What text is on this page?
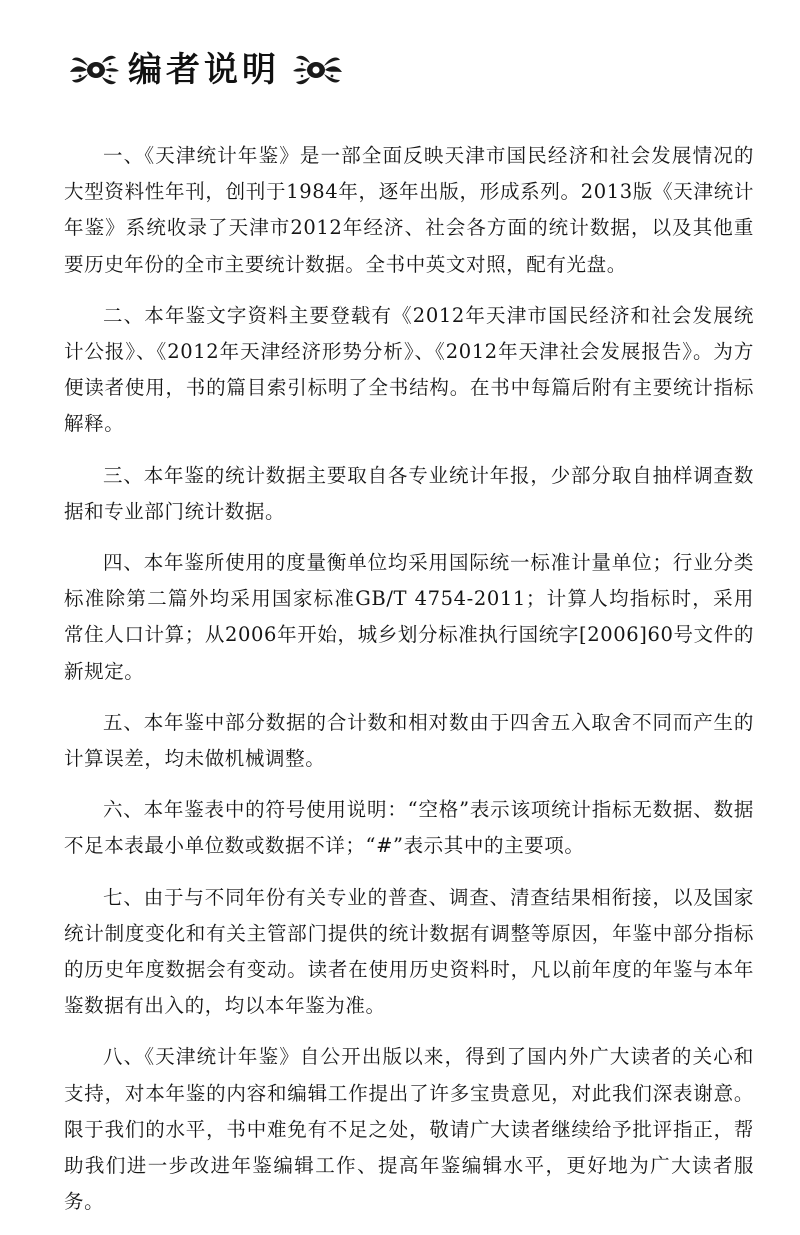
编者说明

一、《天津统计年鉴》是一部全面反映天津市国民经济和社会发展情况的大型资料性年刊，创刊于1984年，逐年出版，形成系列。2013版《天津统计年鉴》系统收录了天津市2012年经济、社会各方面的统计数据，以及其他重要历史年份的全市主要统计数据。全书中英文对照，配有光盘。

二、本年鉴文字资料主要登载有《2012年天津市国民经济和社会发展统计公报》、《2012年天津经济形势分析》、《2012年天津社会发展报告》。为方便读者使用，书的篇目索引标明了全书结构。在书中每篇后附有主要统计指标解释。

三、本年鉴的统计数据主要取自各专业统计年报，少部分取自抽样调查数据和专业部门统计数据。

四、本年鉴所使用的度量衡单位均采用国际统一标准计量单位；行业分类标准除第二篇外均采用国家标准GB/T 4754-2011；计算人均指标时，采用常住人口计算；从2006年开始，城乡划分标准执行国统字[2006]60号文件的新规定。

五、本年鉴中部分数据的合计数和相对数由于四舍五入取舍不同而产生的计算误差，均未做机械调整。

六、本年鉴表中的符号使用说明：“空格”表示该项统计指标无数据、数据不足本表最小单位数或数据不详；“#”表示其中的主要项。

七、由于与不同年份有关专业的普查、调查、清查结果相衔接，以及国家统计制度变化和有关主管部门提供的统计数据有调整等原因，年鉴中部分指标的历史年度数据会有变动。读者在使用历史资料时，凡以前年度的年鉴与本年鉴数据有出入的，均以本年鉴为准。

八、《天津统计年鉴》自公开出版以来，得到了国内外广大读者的关心和支持，对本年鉴的内容和编辑工作提出了许多宝贵意见，对此我们深表谢意。限于我们的水平，书中难免有不足之处，敬请广大读者继续给予批评指正，帮助我们进一步改进年鉴编辑工作、提高年鉴编辑水平，更好地为广大读者服务。
